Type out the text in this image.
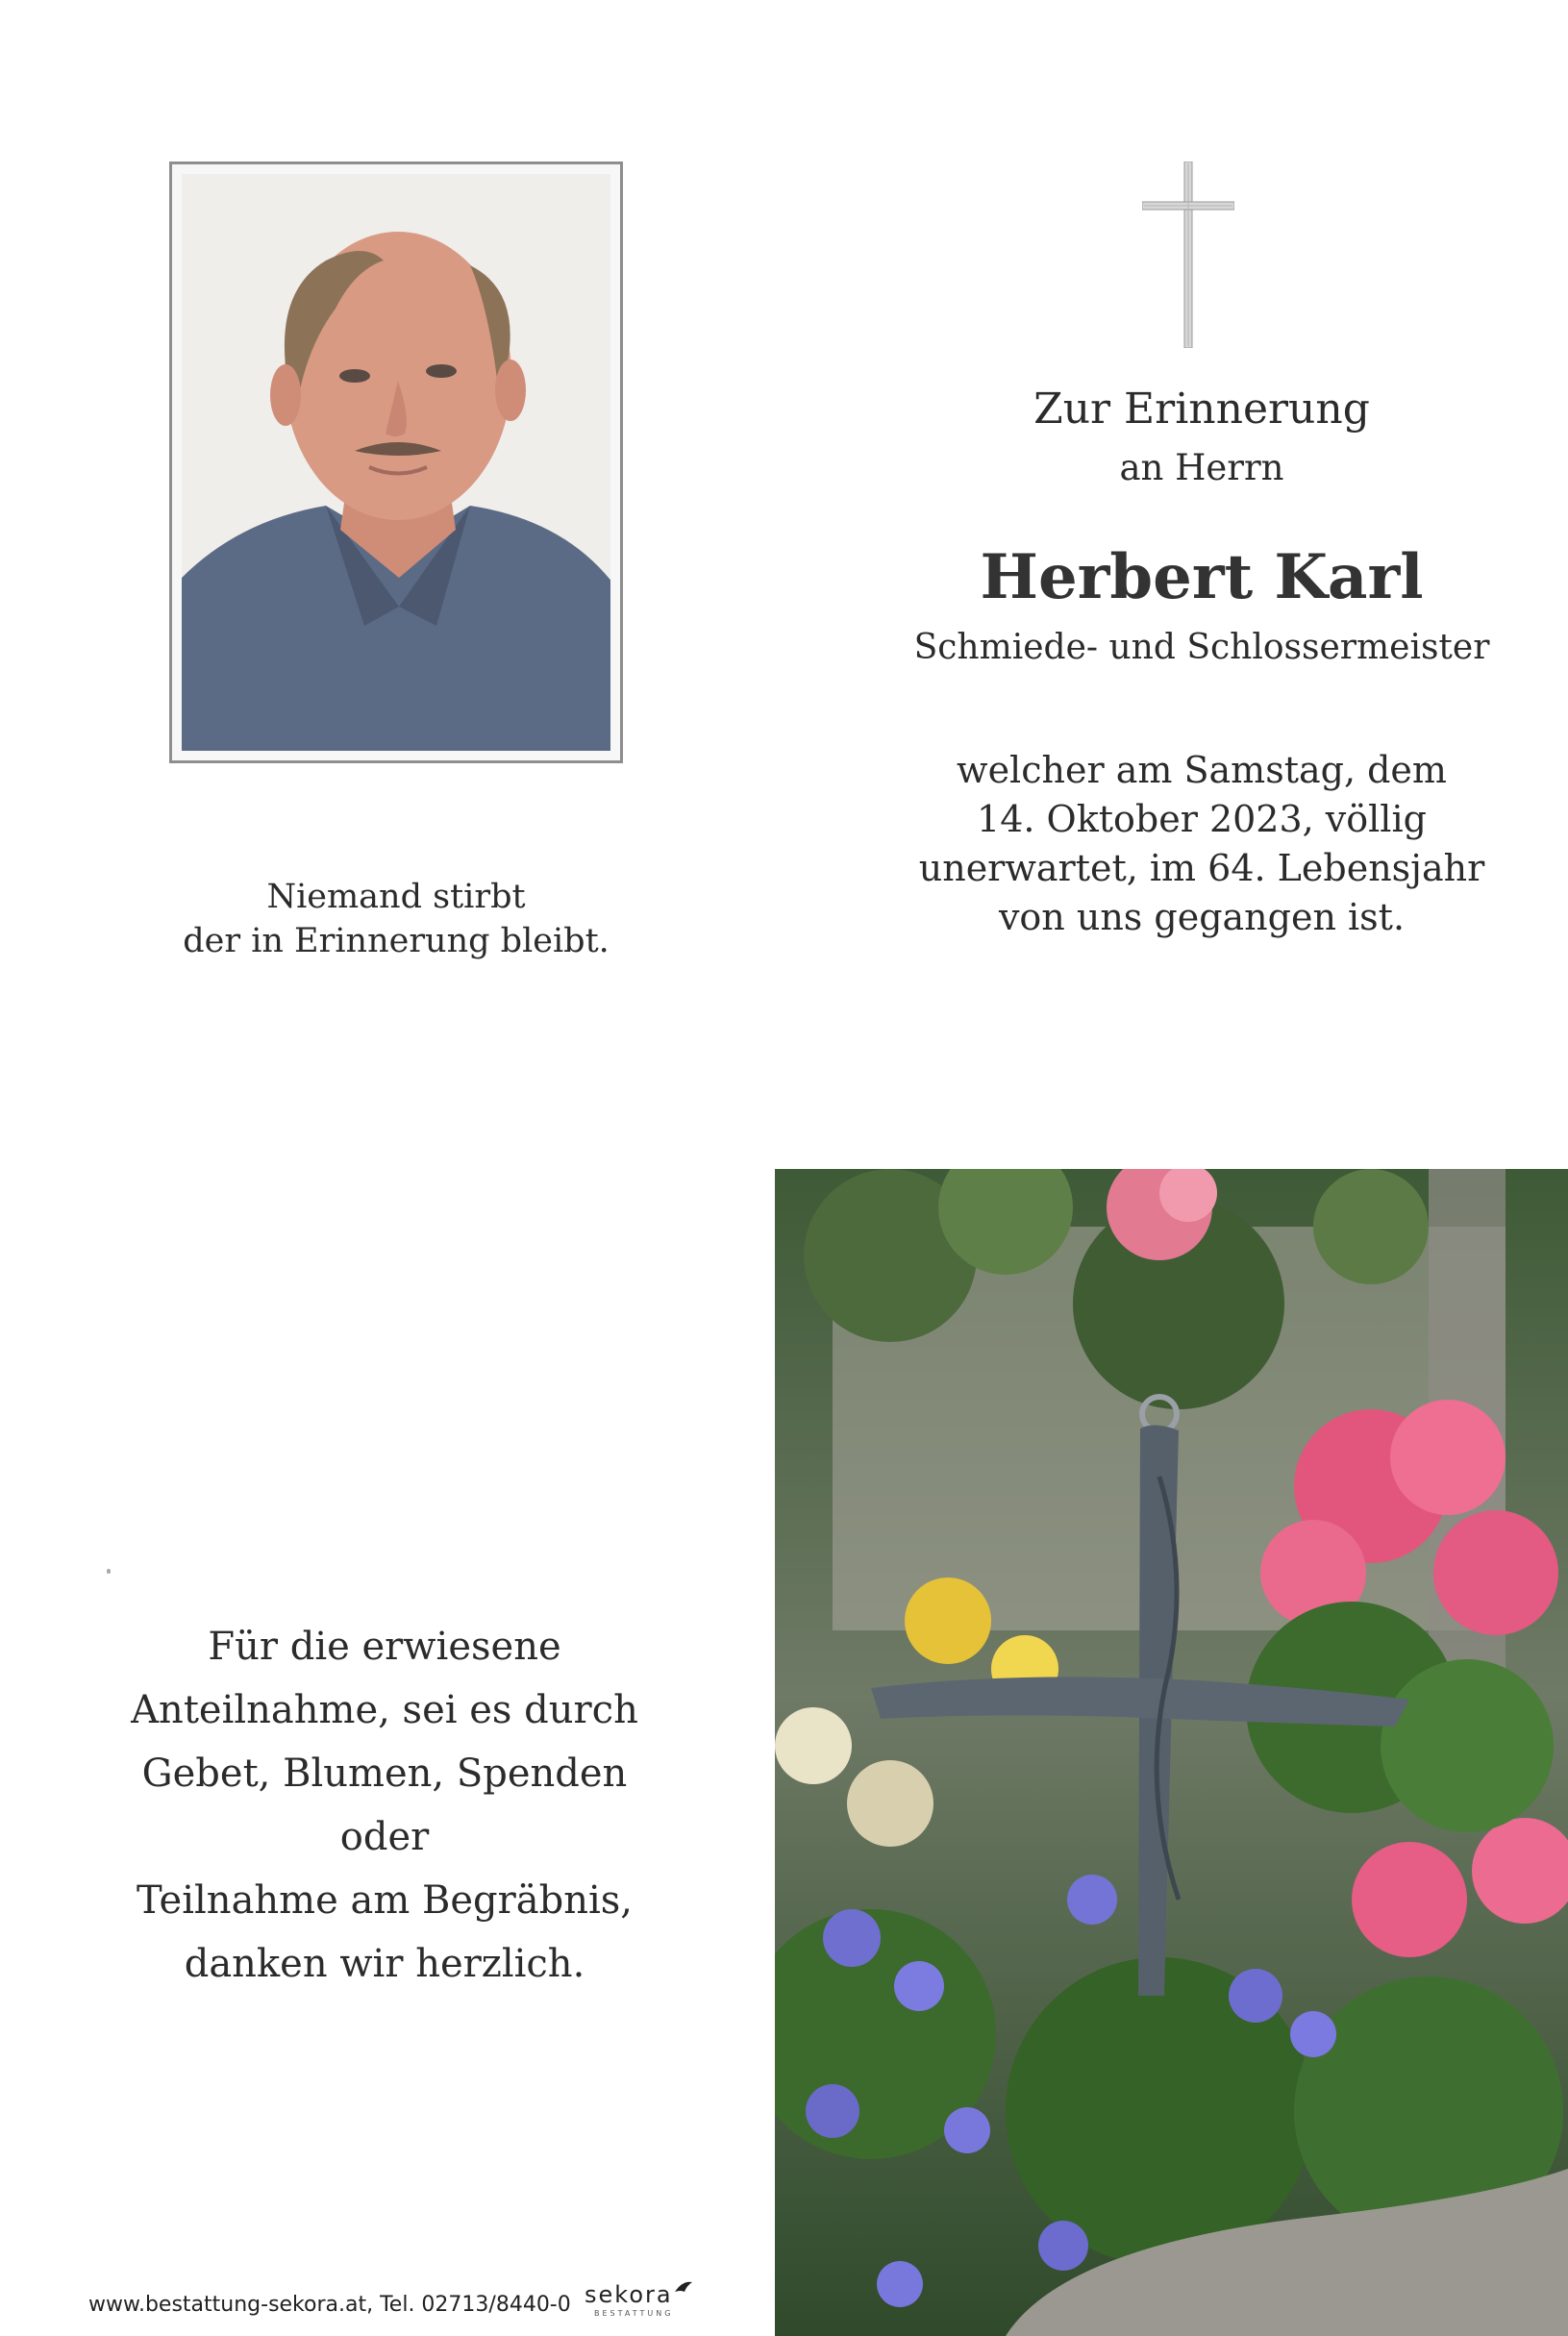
Zur Erinnerung
an Herrn
Herbert Karl
Schmiede- und Schlossermeister
welcher am Samstag, dem
14. Oktober 2023, völlig
unerwartet, im 64. Lebensjahr
von uns gegangen ist.
Niemand stirbt
der in Erinnerung bleibt.
Für die erwiesene
Anteilnahme, sei es durch
Gebet, Blumen, Spenden oder
Teilnahme am Begräbnis,
danken wir herzlich.
www.bestattung-sekora.at, Tel. 02713/8440-0 sekora
BESTATTUNG
